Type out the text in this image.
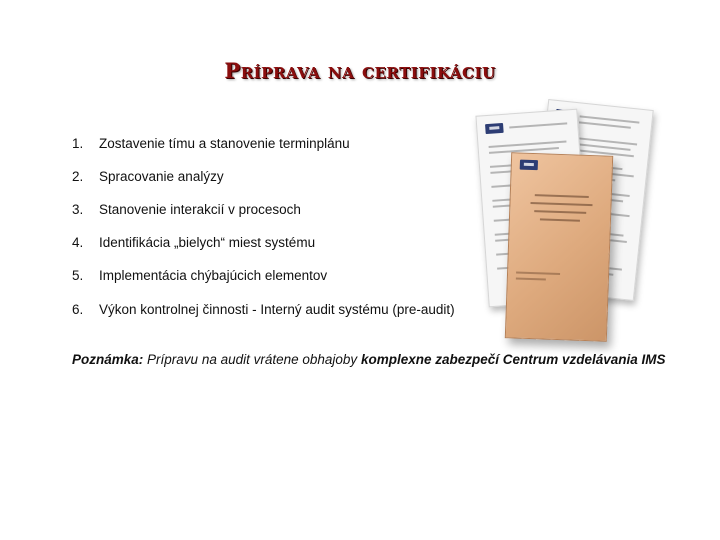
Príprava na certifikáciu
1. Zostavenie tímu a stanovenie terminplánu
2. Spracovanie analýzy
3. Stanovenie interakcií v procesoch
4. Identifikácia „bielych“ miest systému
5. Implementácia chýbajúcich elementov
6. Výkon kontrolnej činnosti - Interný audit systému (pre-audit)
Poznámka: Prípravu na audit vrátene obhajoby komplexne zabezpečí Centrum vzdelávania IMS
